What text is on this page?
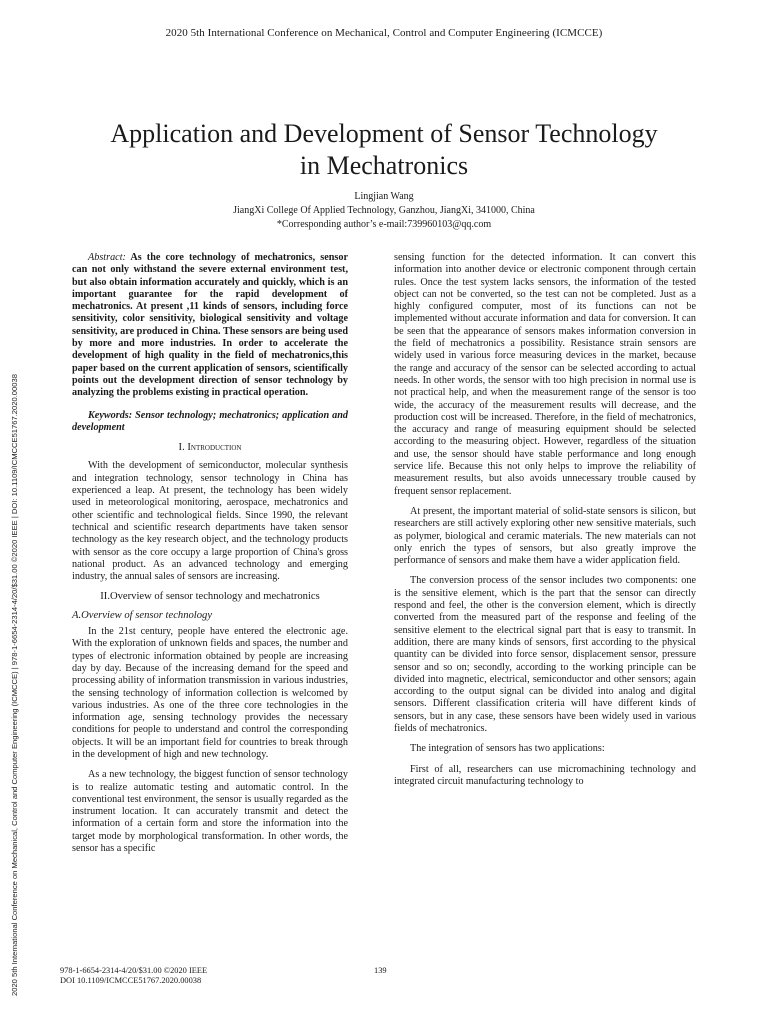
2020 5th International Conference on Mechanical, Control and Computer Engineering (ICMCCE)
2020 5th International Conference on Mechanical, Control and Computer Engineering (ICMCCE) | 978-1-6654-2314-4/20/$31.00 ©2020 IEEE | DOI: 10.1109/ICMCCE51767.2020.00038
Application and Development of Sensor Technology
in Mechatronics
Lingjian Wang
JiangXi College Of Applied Technology, Ganzhou, JiangXi, 341000, China
*Corresponding author’s e-mail:739960103@qq.com

Abstract: As the core technology of mechatronics, sensor can not only withstand the severe external environment test, but also obtain information accurately and quickly, which is an important guarantee for the rapid development of mechatronics. At present ,11 kinds of sensors, including force sensitivity, color sensitivity, biological sensitivity and voltage sensitivity, are produced in China. These sensors are being used by more and more industries. In order to accelerate the development of high quality in the field of mechatronics,this paper based on the current application of sensors, scientifically points out the development direction of sensor technology by analyzing the problems existing in practical operation.

Keywords: Sensor technology; mechatronics; application and development

I. Introduction

With the development of semiconductor, molecular synthesis and integration technology, sensor technology in China has experienced a leap. At present, the technology has been widely used in meteorological monitoring, aerospace, mechatronics and other scientific and technological fields. Since 1990, the relevant technical and scientific research departments have taken sensor technology as the key research object, and the technology products with sensor as the core occupy a large proportion of China's gross national product. As an advanced technology and emerging industry, the annual sales of sensors are increasing.

II.Overview of sensor technology and mechatronics

A.Overview of sensor technology

In the 21st century, people have entered the electronic age. With the exploration of unknown fields and spaces, the number and types of electronic information obtained by people are increasing day by day. Because of the increasing demand for the speed and processing ability of information transmission in various industries, the sensing technology of information collection is welcomed by various industries. As one of the three core technologies in the information age, sensing technology provides the necessary conditions for people to understand and control the corresponding objects. It will be an important field for countries to break through in the development of high and new technology.

As a new technology, the biggest function of sensor technology is to realize automatic testing and automatic control. In the conventional test environment, the sensor is usually regarded as the instrument location. It can accurately transmit and detect the information of a certain form and store the information into the target mode by morphological transformation. In other words, the sensor has a specific

sensing function for the detected information. It can convert this information into another device or electronic component through certain rules. Once the test system lacks sensors, the information of the tested object can not be converted, so the test can not be completed. Just as a highly configured computer, most of its functions can not be implemented without accurate information and data for conversion. It can be seen that the appearance of sensors makes information conversion in the field of mechatronics a possibility. Resistance strain sensors are widely used in various force measuring devices in the market, because the range and accuracy of the sensor can be selected according to actual needs. In other words, the sensor with too high precision in normal use is not practical help, and when the measurement range of the sensor is too wide, the accuracy of the measurement results will decrease, and the production cost will be increased. Therefore, in the field of mechatronics, the accuracy and range of measuring equipment should be selected according to the measuring object. However, regardless of the situation and use, the sensor should have stable performance and long enough service life. Because this not only helps to improve the reliability of measurement results, but also avoids unnecessary trouble caused by frequent sensor replacement.

At present, the important material of solid-state sensors is silicon, but researchers are still actively exploring other new sensitive materials, such as polymer, biological and ceramic materials. The new materials can not only enrich the types of sensors, but also greatly improve the performance of sensors and make them have a wider application field.

The conversion process of the sensor includes two components: one is the sensitive element, which is the part that the sensor can directly respond and feel, the other is the conversion element, which is directly converted from the measured part of the response and feeling of the sensitive element to the electrical signal part that is easy to transmit. In addition, there are many kinds of sensors, first according to the physical quantity can be divided into force sensor, displacement sensor, pressure sensor and so on; secondly, according to the working principle can be divided into magnetic, electrical, semiconductor and other sensors; again according to the output signal can be divided into analog and digital sensors. Different classification criteria will have different kinds of sensors, but in any case, these sensors have been widely used in various fields of mechatronics.

The integration of sensors has two applications:

First of all, researchers can use micromachining technology and integrated circuit manufacturing technology to

978-1-6654-2314-4/20/$31.00 ©2020 IEEE
DOI 10.1109/ICMCCE51767.2020.00038
139
